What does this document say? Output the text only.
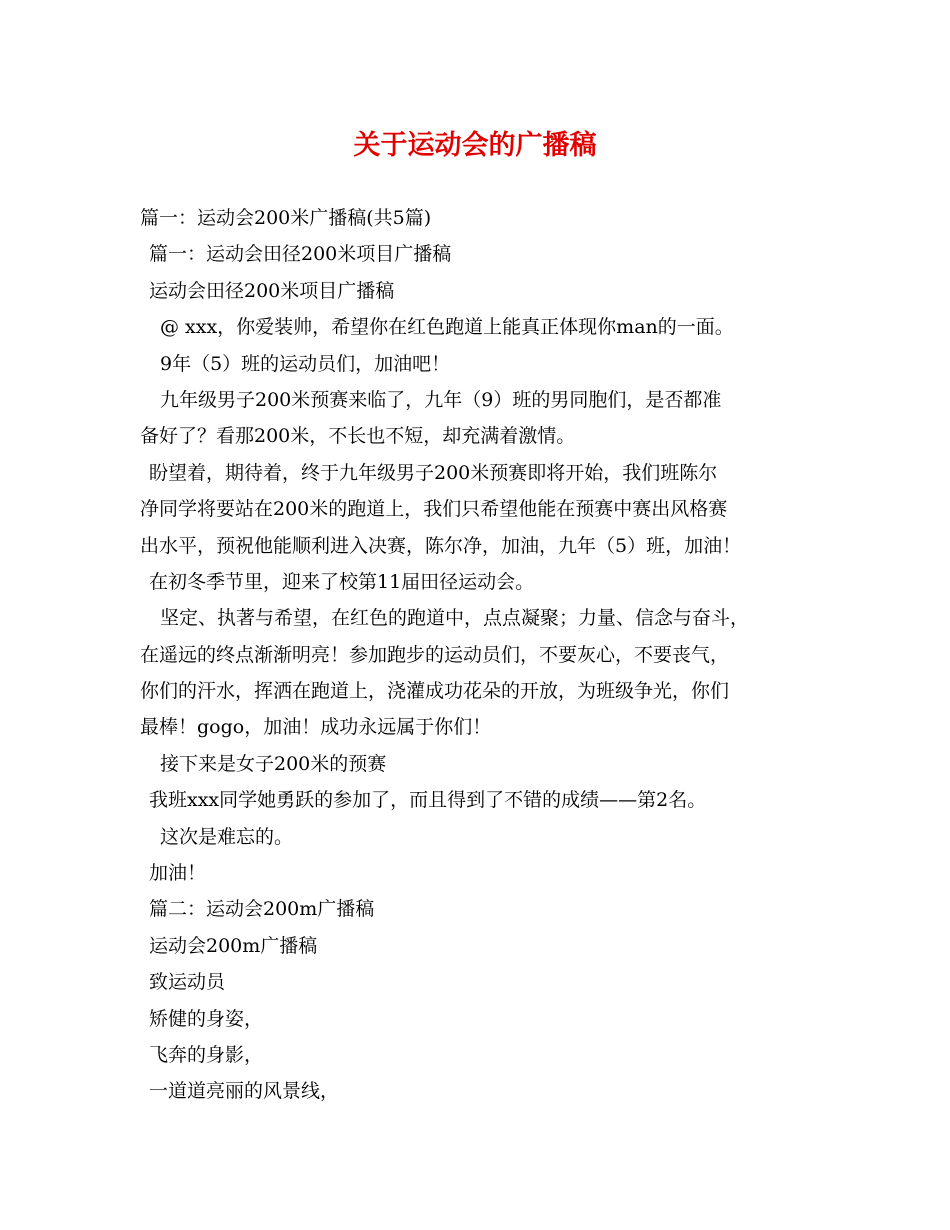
关于运动会的广播稿
篇一：运动会200米广播稿(共5篇)
篇一：运动会田径200米项目广播稿
运动会田径200米项目广播稿
@ xxx，你爱装帅，希望你在红色跑道上能真正体现你man的一面。
9年（5）班的运动员们，加油吧！
九年级男子200米预赛来临了，九年（9）班的男同胞们，是否都准
备好了？看那200米，不长也不短，却充满着激情。
盼望着，期待着，终于九年级男子200米预赛即将开始，我们班陈尔
净同学将要站在200米的跑道上，我们只希望他能在预赛中赛出风格赛
出水平，预祝他能顺利进入决赛，陈尔净，加油，九年（5）班，加油！
在初冬季节里，迎来了校第11届田径运动会。
坚定、执著与希望，在红色的跑道中，点点凝聚；力量、信念与奋斗，
在遥远的终点渐渐明亮！参加跑步的运动员们，不要灰心，不要丧气，
你们的汗水，挥洒在跑道上，浇灌成功花朵的开放，为班级争光，你们
最棒！gogo，加油！成功永远属于你们！
接下来是女子200米的预赛
我班xxx同学她勇跃的参加了，而且得到了不错的成绩——第2名。
这次是难忘的。
加油！
篇二：运动会200m广播稿
运动会200m广播稿
致运动员
矫健的身姿，
飞奔的身影，
一道道亮丽的风景线，
